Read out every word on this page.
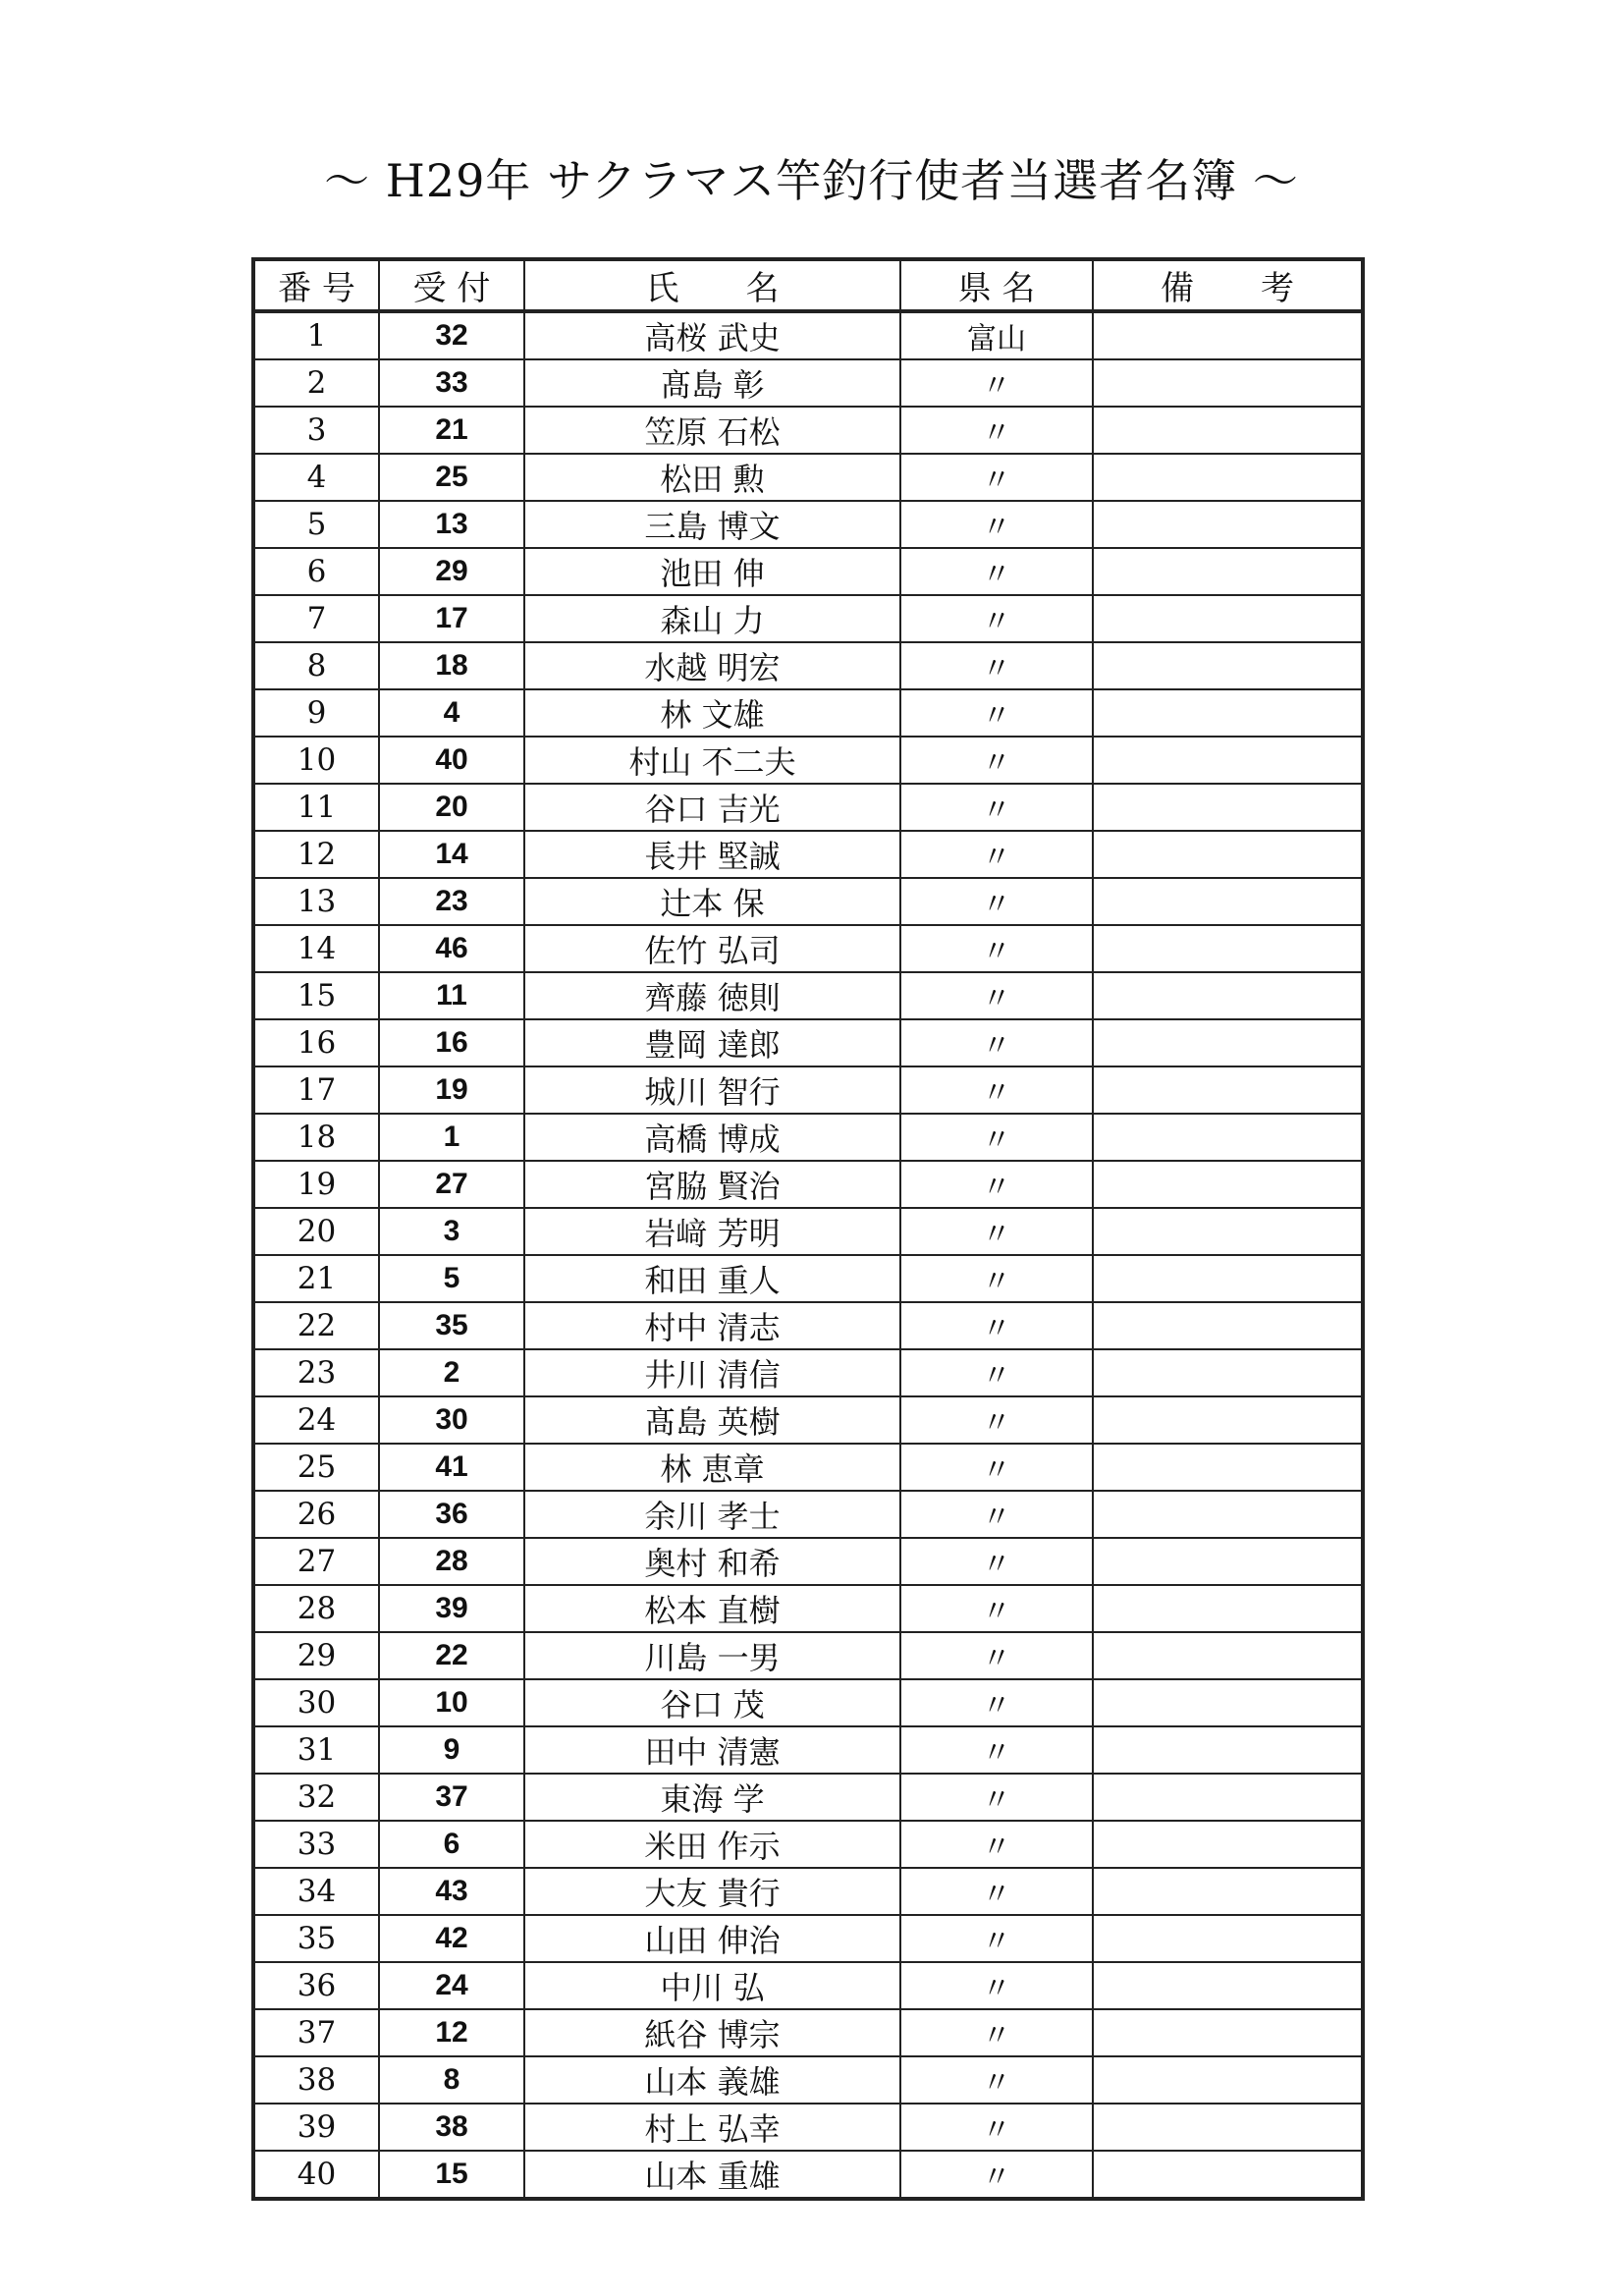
～ H29年 サクラマス竿釣行使者当選者名簿 ～
番 号	受 付	氏　　名	県 名	備　　考
1	32	高桜 武史	富山	
2	33	髙島 彰	〃	
3	21	笠原 石松	〃	
4	25	松田 勲	〃	
5	13	三島 博文	〃	
6	29	池田 伸	〃	
7	17	森山 力	〃	
8	18	水越 明宏	〃	
9	4	林 文雄	〃	
10	40	村山 不二夫	〃	
11	20	谷口 吉光	〃	
12	14	長井 堅誠	〃	
13	23	辻本 保	〃	
14	46	佐竹 弘司	〃	
15	11	齊藤 徳則	〃	
16	16	豊岡 達郎	〃	
17	19	城川 智行	〃	
18	1	高橋 博成	〃	
19	27	宮脇 賢治	〃	
20	3	岩﨑 芳明	〃	
21	5	和田 重人	〃	
22	35	村中 清志	〃	
23	2	井川 清信	〃	
24	30	髙島 英樹	〃	
25	41	林 恵章	〃	
26	36	余川 孝士	〃	
27	28	奥村 和希	〃	
28	39	松本 直樹	〃	
29	22	川島 一男	〃	
30	10	谷口 茂	〃	
31	9	田中 清憲	〃	
32	37	東海 学	〃	
33	6	米田 作示	〃	
34	43	大友 貴行	〃	
35	42	山田 伸治	〃	
36	24	中川 弘	〃	
37	12	紙谷 博宗	〃	
38	8	山本 義雄	〃	
39	38	村上 弘幸	〃	
40	15	山本 重雄	〃	
